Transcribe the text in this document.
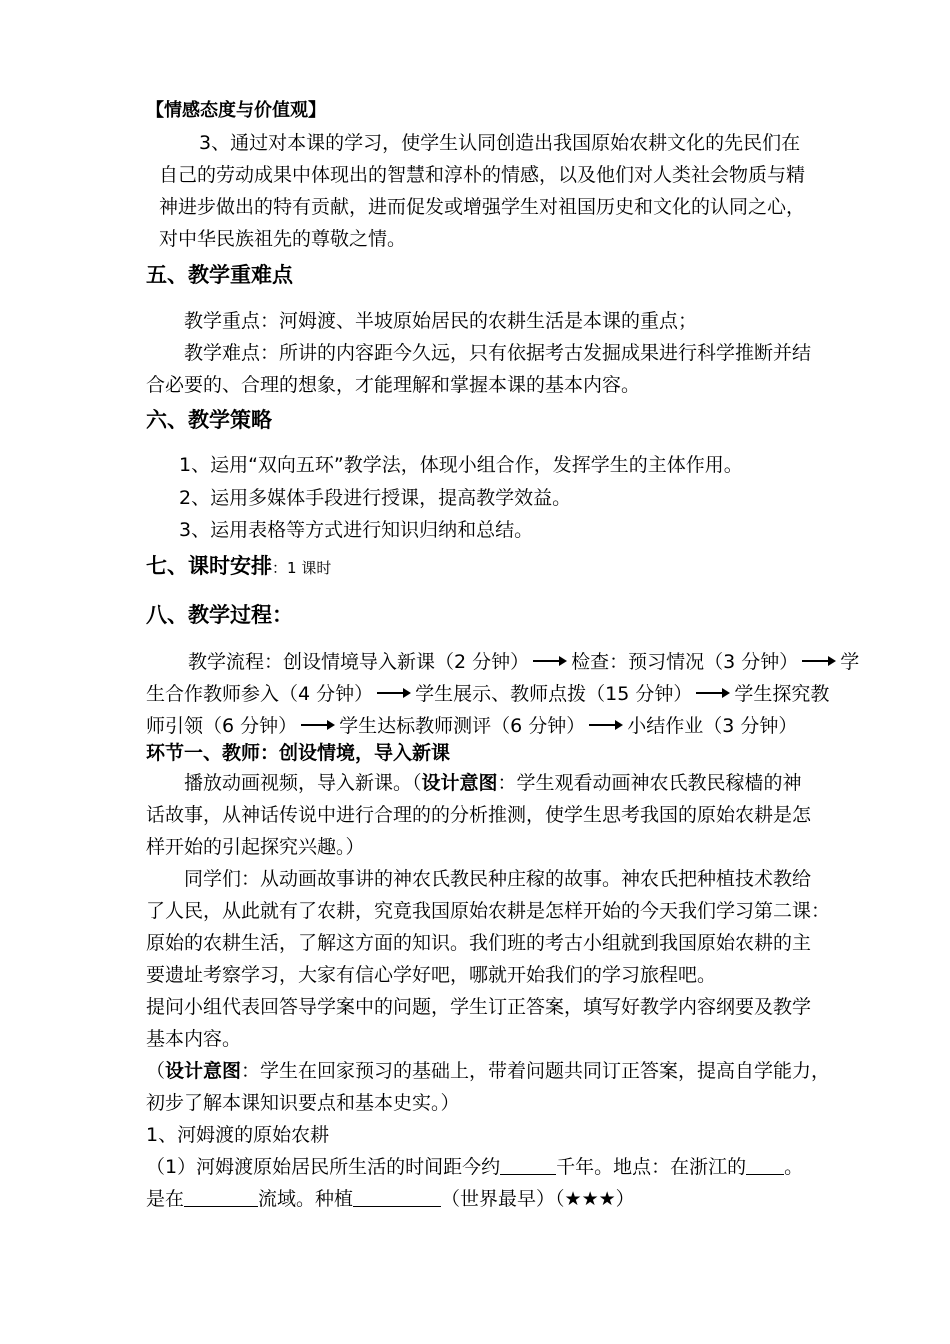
【情感态度与价值观】
3、通过对本课的学习，使学生认同创造出我国原始农耕文化的先民们在
自己的劳动成果中体现出的智慧和淳朴的情感，以及他们对人类社会物质与精
神进步做出的特有贡献，进而促发或增强学生对祖国历史和文化的认同之心，
对中华民族祖先的尊敬之情。
五、教学重难点
教学重点：河姆渡、半坡原始居民的农耕生活是本课的重点；
教学难点：所讲的内容距今久远，只有依据考古发掘成果进行科学推断并结
合必要的、合理的想象，才能理解和掌握本课的基本内容。
六、教学策略
1、运用“双向五环”教学法，体现小组合作，发挥学生的主体作用。
2、运用多媒体手段进行授课，提高教学效益。
3、运用表格等方式进行知识归纳和总结。
七、课时安排：1 课时
八、教学过程：
教学流程：创设情境导入新课（2 分钟） 检查：预习情况（3 分钟） 学
生合作教师参入（4 分钟） 学生展示、教师点拨（15 分钟） 学生探究教
师引领（6 分钟） 学生达标教师测评（6 分钟） 小结作业（3 分钟）
环节一、教师：创设情境，导入新课
播放动画视频，导入新课。（设计意图：学生观看动画神农氏教民稼樯的神
话故事，从神话传说中进行合理的的分析推测，使学生思考我国的原始农耕是怎
样开始的引起探究兴趣。）
同学们：从动画故事讲的神农氏教民种庄稼的故事。神农氏把种植技术教给
了人民，从此就有了农耕，究竟我国原始农耕是怎样开始的今天我们学习第二课：
原始的农耕生活，了解这方面的知识。我们班的考古小组就到我国原始农耕的主
要遗址考察学习，大家有信心学好吧，哪就开始我们的学习旅程吧。
提问小组代表回答导学案中的问题，学生订正答案，填写好教学内容纲要及教学
基本内容。
（设计意图：学生在回家预习的基础上，带着问题共同订正答案，提高自学能力，
初步了解本课知识要点和基本史实。）
1、河姆渡的原始农耕
（1）河姆渡原始居民所生活的时间距今约	千年。地点：在浙江的 。
是在	流域。种植	（世界最早）（★★★）
